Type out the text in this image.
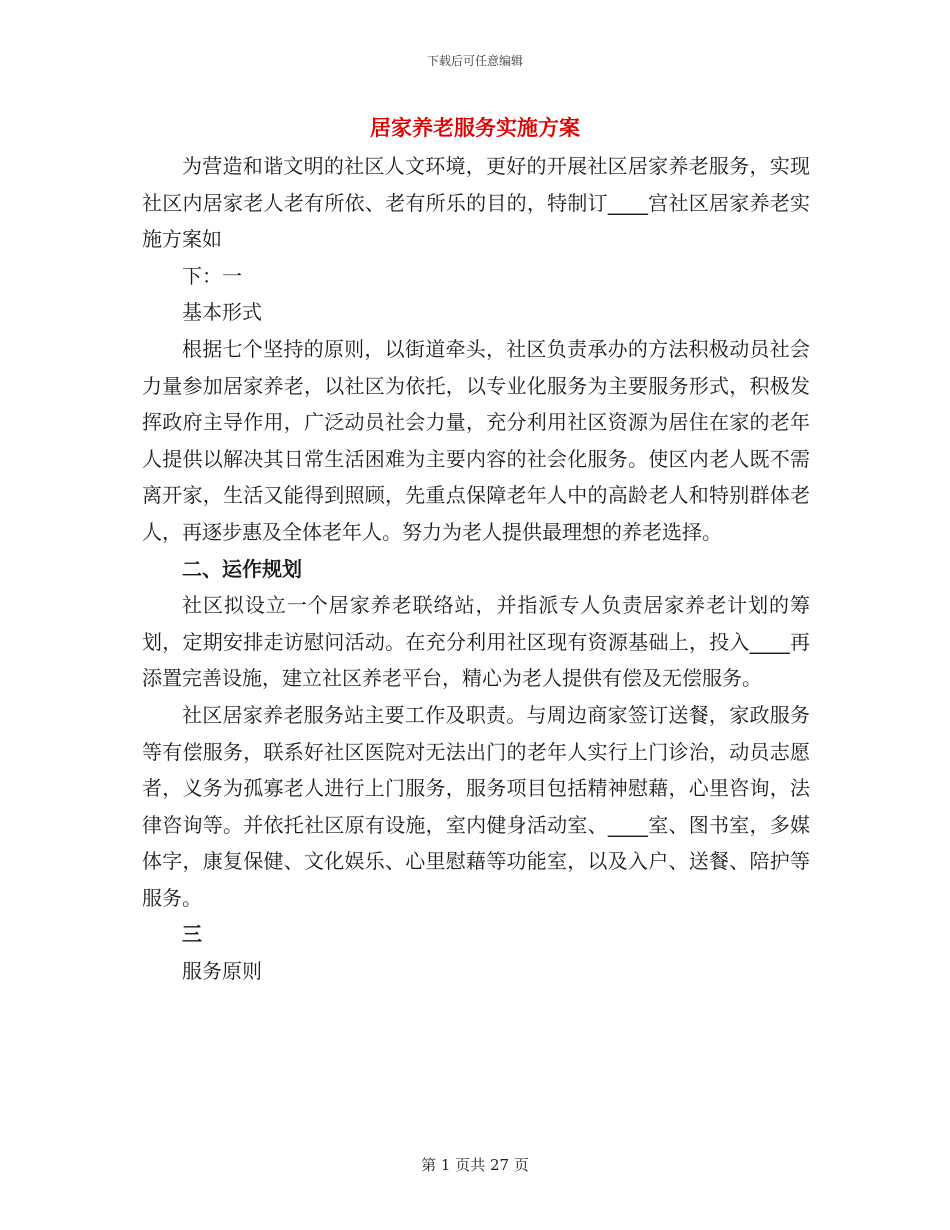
下载后可任意编辑
居家养老服务实施方案

为营造和谐文明的社区人文环境，更好的开展社区居家养老服务，实现社区内居家老人老有所依、老有所乐的目的，特制订____宫社区居家养老实施方案如

下：一

基本形式

根据七个坚持的原则，以街道牵头，社区负责承办的方法积极动员社会力量参加居家养老，以社区为依托，以专业化服务为主要服务形式，积极发挥政府主导作用，广泛动员社会力量，充分利用社区资源为居住在家的老年人提供以解决其日常生活困难为主要内容的社会化服务。使区内老人既不需离开家，生活又能得到照顾，先重点保障老年人中的高龄老人和特别群体老人，再逐步惠及全体老年人。努力为老人提供最理想的养老选择。

二、运作规划

社区拟设立一个居家养老联络站，并指派专人负责居家养老计划的筹划，定期安排走访慰问活动。在充分利用社区现有资源基础上，投入____再添置完善设施，建立社区养老平台，精心为老人提供有偿及无偿服务。

社区居家养老服务站主要工作及职责。与周边商家签订送餐，家政服务等有偿服务，联系好社区医院对无法出门的老年人实行上门诊治，动员志愿者，义务为孤寡老人进行上门服务，服务项目包括精神慰藉，心里咨询，法律咨询等。并依托社区原有设施，室内健身活动室、____室、图书室，多媒体字，康复保健、文化娱乐、心里慰藉等功能室，以及入户、送餐、陪护等服务。

三

服务原则

第 1 页共 27 页
